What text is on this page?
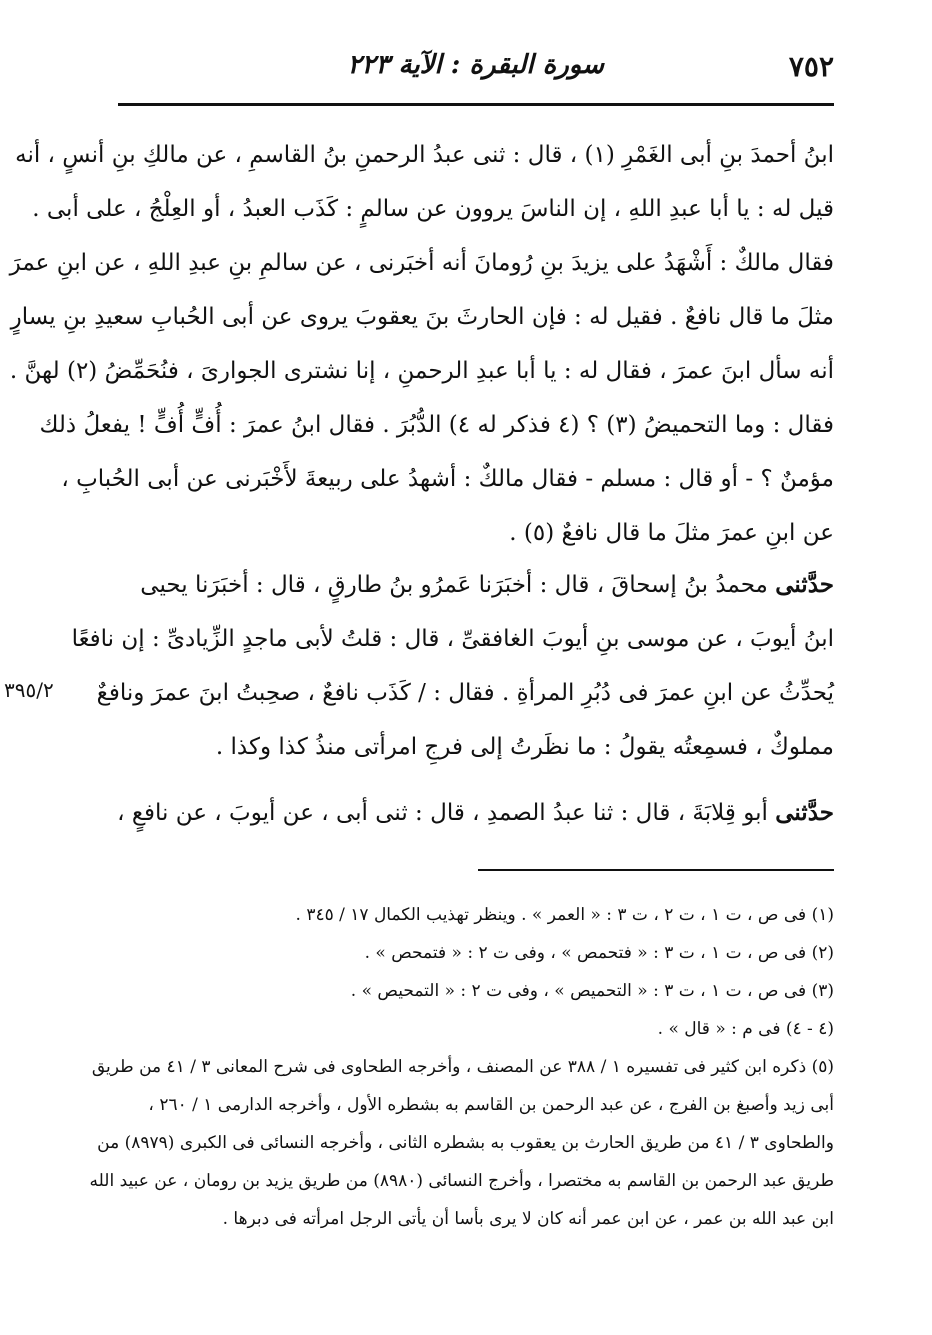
٧٥٢
سورة البقرة : الآية ٢٢٣
ابنُ أحمدَ بنِ أبى الغَمْرِ (١) ، قال : ثنى عبدُ الرحمنِ بنُ القاسمِ ، عن مالكِ بنِ أنسٍ ، أنه
قيل له : يا أبا عبدِ اللهِ ، إن الناسَ يروون عن سالمٍ : كَذَب العبدُ ، أو العِلْجُ ، على أبى .
فقال مالكٌ : أَشْهَدُ على يزيدَ بنِ رُومانَ أنه أخبَرنى ، عن سالمِ بنِ عبدِ اللهِ ، عن ابنِ عمرَ
مثلَ ما قال نافعٌ . فقيل له : فإن الحارثَ بنَ يعقوبَ يروى عن أبى الحُبابِ سعيدِ بنِ يسارٍ
أنه سأل ابنَ عمرَ ، فقال له : يا أبا عبدِ الرحمنِ ، إنا نشترى الجوارىَ ، فنُحَمِّضُ (٢) لهنَّ .
فقال : وما التحميضُ (٣) ؟ (٤ فذكر له ٤) الدُّبُرَ . فقال ابنُ عمرَ : أُفٍّ أُفٍّ ! يفعلُ ذلك
مؤمنٌ ؟ - أو قال : مسلم - فقال مالكٌ : أشهدُ على ربيعةَ لأَخْبَرنى عن أبى الحُبابِ ،
عن ابنِ عمرَ مثلَ ما قال نافعٌ (٥) .
حدَّثنى محمدُ بنُ إسحاقَ ، قال : أخبَرَنا عَمرُو بنُ طارقٍ ، قال : أخبَرَنا يحيى
ابنُ أيوبَ ، عن موسى بنِ أيوبَ الغافقىِّ ، قال : قلتُ لأبى ماجدٍ الزِّيادىِّ : إن نافعًا
يُحدِّثُ عن ابنِ عمرَ فى دُبُرِ المرأةِ . فقال : / كَذَب نافعٌ ، صحِبتُ ابنَ عمرَ ونافعٌ
مملوكٌ ، فسمِعتُه يقولُ : ما نظَرتُ إلى فرجِ امرأتى منذُ كذا وكذا .
٣٩٥/٢
حدَّثنى أبو قِلابَةَ ، قال : ثنا عبدُ الصمدِ ، قال : ثنى أبى ، عن أيوبَ ، عن نافعٍ ،
(١) فى ص ، ت ١ ، ت ٢ ، ت ٣ : « العمر » . وينظر تهذيب الكمال ١٧ / ٣٤٥ .
(٢) فى ص ، ت ١ ، ت ٣ : « فتحمص » ، وفى ت ٢ : « فتمحص » .
(٣) فى ص ، ت ١ ، ت ٣ : « التحميص » ، وفى ت ٢ : « التمحيص » .
(٤ - ٤) فى م : « قال » .
(٥) ذكره ابن كثير فى تفسيره ١ / ٣٨٨ عن المصنف ، وأخرجه الطحاوى فى شرح المعانى ٣ / ٤١ من طريق
أبى زيد وأصبغ بن الفرج ، عن عبد الرحمن بن القاسم به بشطره الأول ، وأخرجه الدارمى ١ / ٢٦٠ ،
والطحاوى ٣ / ٤١ من طريق الحارث بن يعقوب به بشطره الثانى ، وأخرجه النسائى فى الكبرى (٨٩٧٩) من
طريق عبد الرحمن بن القاسم به مختصرا ، وأخرج النسائى (٨٩٨٠) من طريق يزيد بن رومان ، عن عبيد الله
ابن عبد الله بن عمر ، عن ابن عمر أنه كان لا يرى بأسا أن يأتى الرجل امرأته فى دبرها .
